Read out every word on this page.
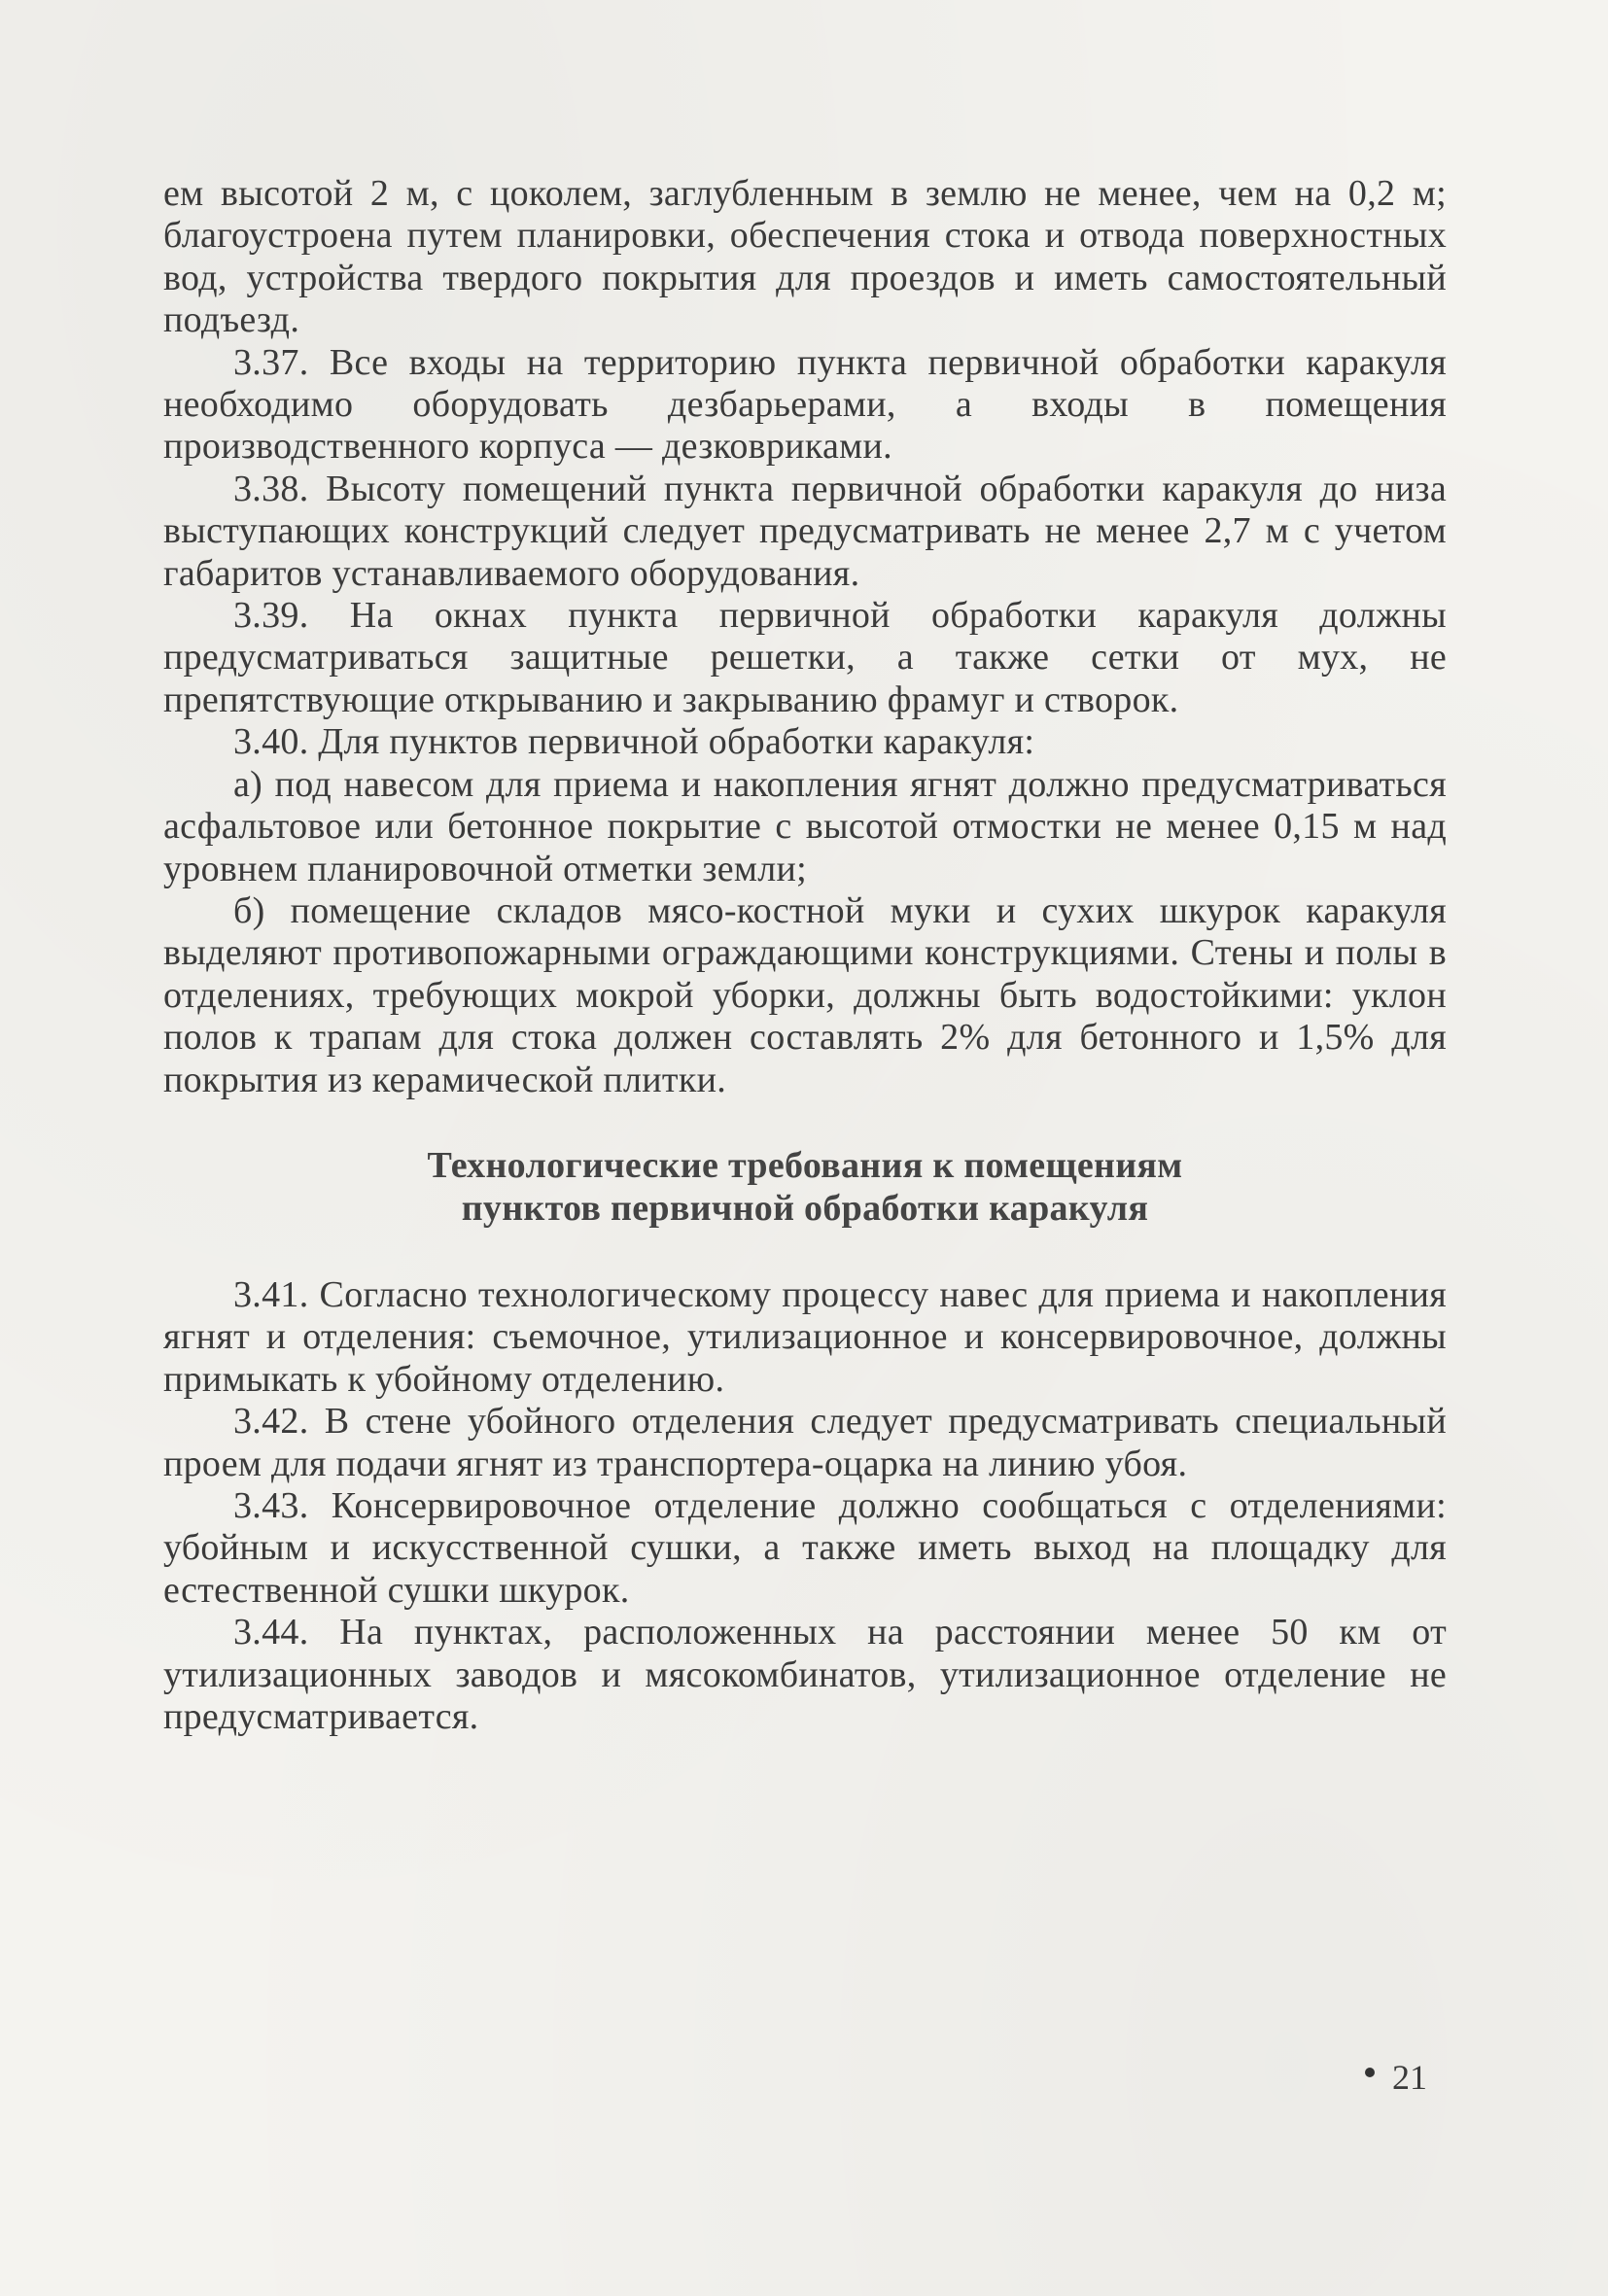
ем высотой 2 м, с цоколем, заглубленным в землю не менее, чем на 0,2 м; благоустроена путем планировки, обеспечения стока и отвода поверхностных вод, устройства твердого покрытия для проездов и иметь самостоятельный подъезд.

3.37. Все входы на территорию пункта первичной обработки каракуля необходимо оборудовать дезбарьерами, а входы в помещения производственного корпуса — дезковриками.

3.38. Высоту помещений пункта первичной обработки каракуля до низа выступающих конструкций следует предусматривать не менее 2,7 м с учетом габаритов устанавливаемого оборудования.

3.39. На окнах пункта первичной обработки каракуля должны предусматриваться защитные решетки, а также сетки от мух, не препятствующие открыванию и закрыванию фрамуг и створок.

3.40. Для пунктов первичной обработки каракуля:

а) под навесом для приема и накопления ягнят должно предусматриваться асфальтовое или бетонное покрытие с высотой отмостки не менее 0,15 м над уровнем планировочной отметки земли;

б) помещение складов мясо-костной муки и сухих шкурок каракуля выделяют противопожарными ограждающими конструкциями. Стены и полы в отделениях, требующих мокрой уборки, должны быть водостойкими: уклон полов к трапам для стока должен составлять 2% для бетонного и 1,5% для покрытия из керамической плитки.

Технологические требования к помещениям
пунктов первичной обработки каракуля

3.41. Согласно технологическому процессу навес для приема и накопления ягнят и отделения: съемочное, утилизационное и консервировочное, должны примыкать к убойному отделению.

3.42. В стене убойного отделения следует предусматривать специальный проем для подачи ягнят из транспортера-оцарка на линию убоя.

3.43. Консервировочное отделение должно сообщаться с отделениями: убойным и искусственной сушки, а также иметь выход на площадку для естественной сушки шкурок.

3.44. На пунктах, расположенных на расстоянии менее 50 км от утилизационных заводов и мясокомбинатов, утилизационное отделение не предусматривается.

21
